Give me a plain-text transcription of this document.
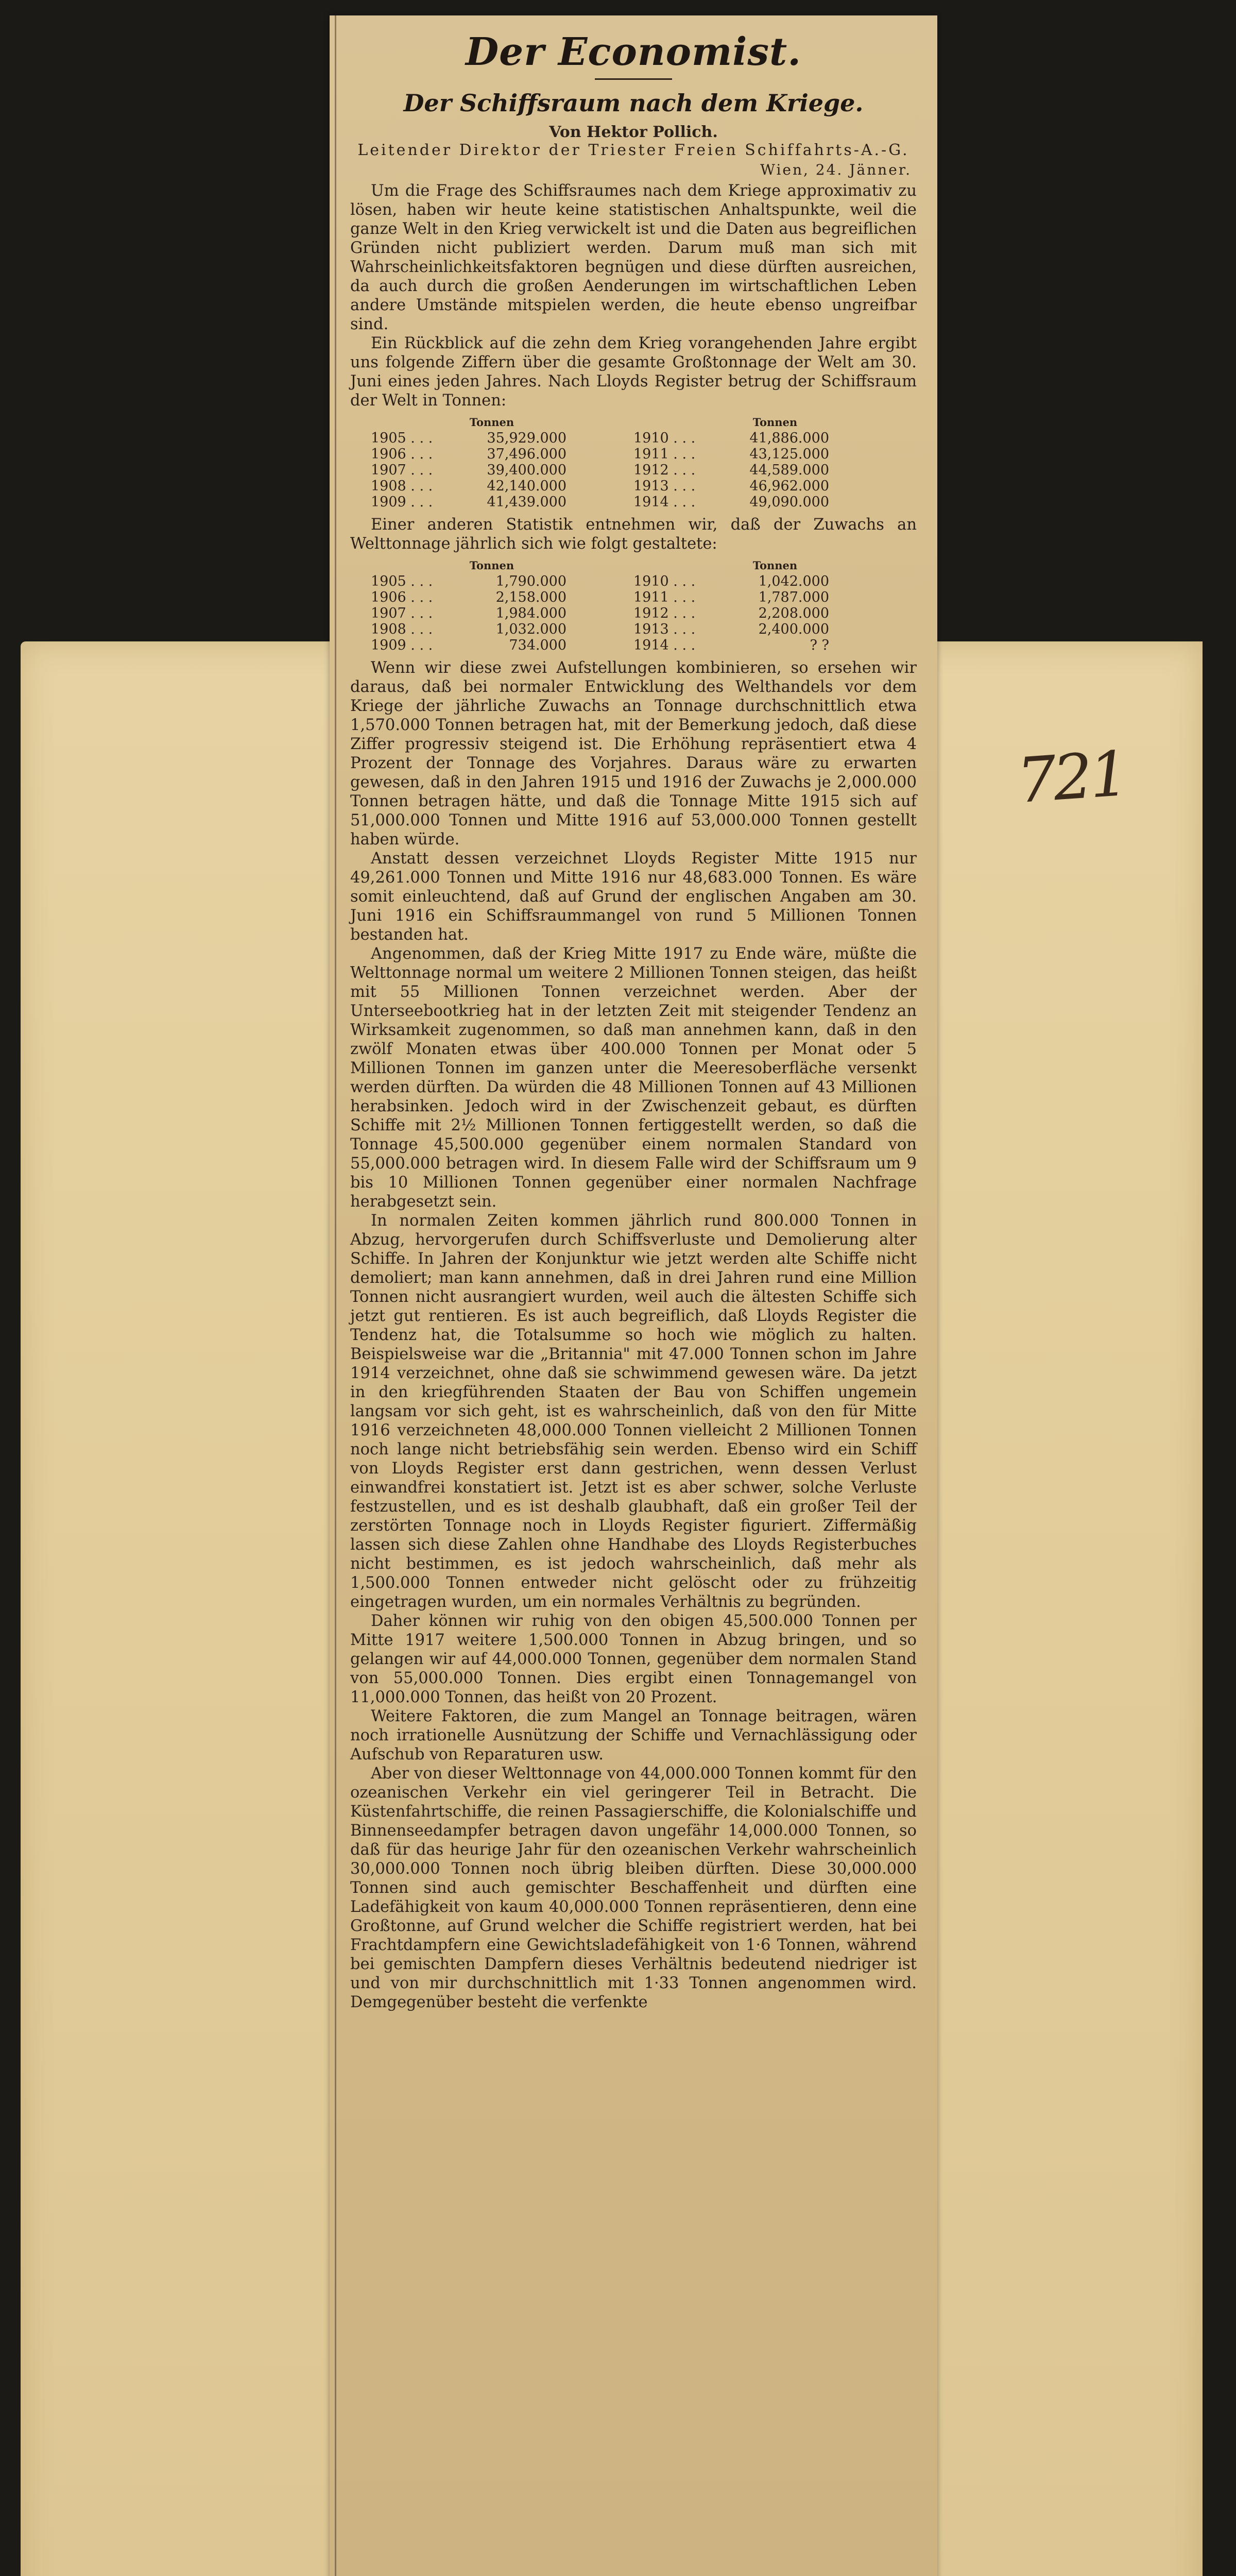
721
Der Economist.
Der Schiffsraum nach dem Kriege.
Von Hektor Pollich.
Leitender Direktor der Triester Freien Schiffahrts-A.-G.
Wien, 24. Jänner.

Um die Frage des Schiffsraumes nach dem Kriege approximativ zu lösen, haben wir heute keine statistischen Anhaltspunkte, weil die ganze Welt in den Krieg verwickelt ist und die Daten aus begreiflichen Gründen nicht publiziert werden. Darum muß man sich mit Wahrscheinlichkeitsfaktoren begnügen und diese dürften ausreichen, da auch durch die großen Aenderungen im wirtschaftlichen Leben andere Umstände mitspielen werden, die heute ebenso ungreifbar sind.

Ein Rückblick auf die zehn dem Krieg vorangehenden Jahre ergibt uns folgende Ziffern über die gesamte Großtonnage der Welt am 30. Juni eines jeden Jahres. Nach Lloyds Register betrug der Schiffsraum der Welt in Tonnen:

Tonnen	Tonnen
1905 . . .	35,929.000	1910 . . .	41,886.000
1906 . . .	37,496.000	1911 . . .	43,125.000
1907 . . .	39,400.000	1912 . . .	44,589.000
1908 . . .	42,140.000	1913 . . .	46,962.000
1909 . . .	41,439.000	1914 . . .	49,090.000

Einer anderen Statistik entnehmen wir, daß der Zuwachs an Welttonnage jährlich sich wie folgt gestaltete:

Tonnen	Tonnen
1905 . . .	1,790.000	1910 . . .	1,042.000
1906 . . .	2,158.000	1911 . . .	1,787.000
1907 . . .	1,984.000	1912 . . .	2,208.000
1908 . . .	1,032.000	1913 . . .	2,400.000
1909 . . .	734.000	1914 . . .	? ?

Wenn wir diese zwei Aufstellungen kombinieren, so ersehen wir daraus, daß bei normaler Entwicklung des Welthandels vor dem Kriege der jährliche Zuwachs an Tonnage durchschnittlich etwa 1,570.000 Tonnen betragen hat, mit der Bemerkung jedoch, daß diese Ziffer progressiv steigend ist. Die Erhöhung repräsentiert etwa 4 Prozent der Tonnage des Vorjahres. Daraus wäre zu erwarten gewesen, daß in den Jahren 1915 und 1916 der Zuwachs je 2,000.000 Tonnen betragen hätte, und daß die Tonnage Mitte 1915 sich auf 51,000.000 Tonnen und Mitte 1916 auf 53,000.000 Tonnen gestellt haben würde.

Anstatt dessen verzeichnet Lloyds Register Mitte 1915 nur 49,261.000 Tonnen und Mitte 1916 nur 48,683.000 Tonnen. Es wäre somit einleuchtend, daß auf Grund der englischen Angaben am 30. Juni 1916 ein Schiffsraummangel von rund 5 Millionen Tonnen bestanden hat.

Angenommen, daß der Krieg Mitte 1917 zu Ende wäre, müßte die Welttonnage normal um weitere 2 Millionen Tonnen steigen, das heißt mit 55 Millionen Tonnen verzeichnet werden. Aber der Unterseebootkrieg hat in der letzten Zeit mit steigender Tendenz an Wirksamkeit zugenommen, so daß man annehmen kann, daß in den zwölf Monaten etwas über 400.000 Tonnen per Monat oder 5 Millionen Tonnen im ganzen unter die Meeresoberfläche versenkt werden dürften. Da würden die 48 Millionen Tonnen auf 43 Millionen herabsinken. Jedoch wird in der Zwischenzeit gebaut, es dürften Schiffe mit 2½ Millionen Tonnen fertiggestellt werden, so daß die Tonnage 45,500.000 gegenüber einem normalen Standard von 55,000.000 betragen wird. In diesem Falle wird der Schiffsraum um 9 bis 10 Millionen Tonnen gegenüber einer normalen Nachfrage herabgesetzt sein.

In normalen Zeiten kommen jährlich rund 800.000 Tonnen in Abzug, hervorgerufen durch Schiffsverluste und Demolierung alter Schiffe. In Jahren der Konjunktur wie jetzt werden alte Schiffe nicht demoliert; man kann annehmen, daß in drei Jahren rund eine Million Tonnen nicht ausrangiert wurden, weil auch die ältesten Schiffe sich jetzt gut rentieren. Es ist auch begreiflich, daß Lloyds Register die Tendenz hat, die Totalsumme so hoch wie möglich zu halten. Beispielsweise war die „Britannia" mit 47.000 Tonnen schon im Jahre 1914 verzeichnet, ohne daß sie schwimmend gewesen wäre. Da jetzt in den kriegführenden Staaten der Bau von Schiffen ungemein langsam vor sich geht, ist es wahrscheinlich, daß von den für Mitte 1916 verzeichneten 48,000.000 Tonnen vielleicht 2 Millionen Tonnen noch lange nicht betriebsfähig sein werden. Ebenso wird ein Schiff von Lloyds Register erst dann gestrichen, wenn dessen Verlust einwandfrei konstatiert ist. Jetzt ist es aber schwer, solche Verluste festzustellen, und es ist deshalb glaubhaft, daß ein großer Teil der zerstörten Tonnage noch in Lloyds Register figuriert. Ziffermäßig lassen sich diese Zahlen ohne Handhabe des Lloyds Registerbuches nicht bestimmen, es ist jedoch wahrscheinlich, daß mehr als 1,500.000 Tonnen entweder nicht gelöscht oder zu frühzeitig eingetragen wurden, um ein normales Verhältnis zu begründen.

Daher können wir ruhig von den obigen 45,500.000 Tonnen per Mitte 1917 weitere 1,500.000 Tonnen in Abzug bringen, und so gelangen wir auf 44,000.000 Tonnen, gegenüber dem normalen Stand von 55,000.000 Tonnen. Dies ergibt einen Tonnagemangel von 11,000.000 Tonnen, das heißt von 20 Prozent.

Weitere Faktoren, die zum Mangel an Tonnage beitragen, wären noch irrationelle Ausnützung der Schiffe und Vernachlässigung oder Aufschub von Reparaturen usw.

Aber von dieser Welttonnage von 44,000.000 Tonnen kommt für den ozeanischen Verkehr ein viel geringerer Teil in Betracht. Die Küstenfahrtschiffe, die reinen Passagierschiffe, die Kolonialschiffe und Binnenseedampfer betragen davon ungefähr 14,000.000 Tonnen, so daß für das heurige Jahr für den ozeanischen Verkehr wahrscheinlich 30,000.000 Tonnen noch übrig bleiben dürften. Diese 30,000.000 Tonnen sind auch gemischter Beschaffenheit und dürften eine Ladefähigkeit von kaum 40,000.000 Tonnen repräsentieren, denn eine Großtonne, auf Grund welcher die Schiffe registriert werden, hat bei Frachtdampfern eine Gewichtsladefähigkeit von 1·6 Tonnen, während bei gemischten Dampfern dieses Verhältnis bedeutend niedriger ist und von mir durchschnittlich mit 1·33 Tonnen angenommen wird. Demgegenüber besteht die verfenkte
